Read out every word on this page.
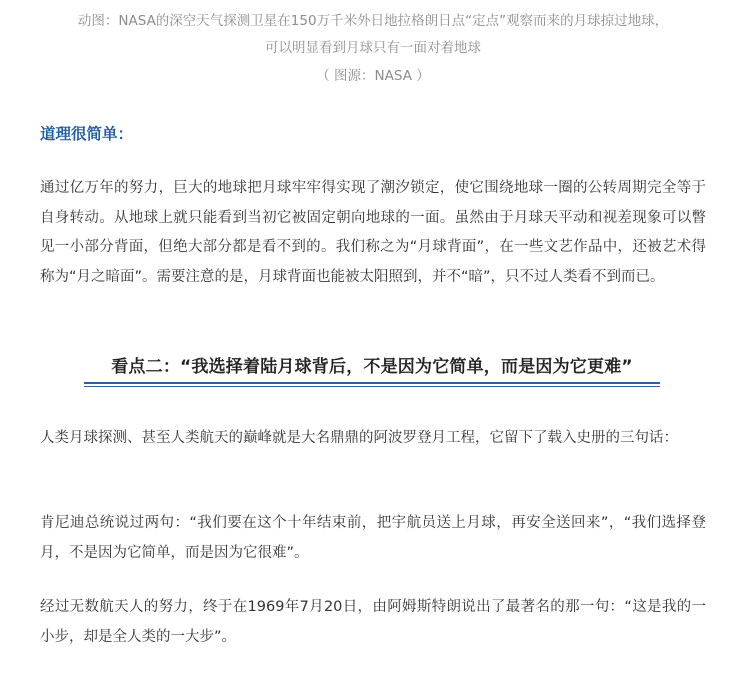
动图：NASA的深空天气探测卫星在150万千米外日地拉格朗日点“定点”观察而来的月球掠过地球，
可以明显看到月球只有一面对着地球
（ 图源：NASA ）
道理很简单：

通过亿万年的努力，巨大的地球把月球牢牢得实现了潮汐锁定，使它围绕地球一圈的公转周期完全等于自身转动。从地球上就只能看到当初它被固定朝向地球的一面。虽然由于月球天平动和视差现象可以瞥见一小部分背面，但绝大部分都是看不到的。我们称之为“月球背面”，在一些文艺作品中，还被艺术得称为“月之暗面”。需要注意的是，月球背面也能被太阳照到，并不“暗”，只不过人类看不到而已。

看点二：“我选择着陆月球背后，不是因为它简单，而是因为它更难”

人类月球探测、甚至人类航天的巅峰就是大名鼎鼎的阿波罗登月工程，它留下了载入史册的三句话：

肯尼迪总统说过两句：“我们要在这个十年结束前，把宇航员送上月球，再安全送回来”，“我们选择登月，不是因为它简单，而是因为它很难”。

经过无数航天人的努力，终于在1969年7月20日，由阿姆斯特朗说出了最著名的那一句：“这是我的一小步，却是全人类的一大步”。
